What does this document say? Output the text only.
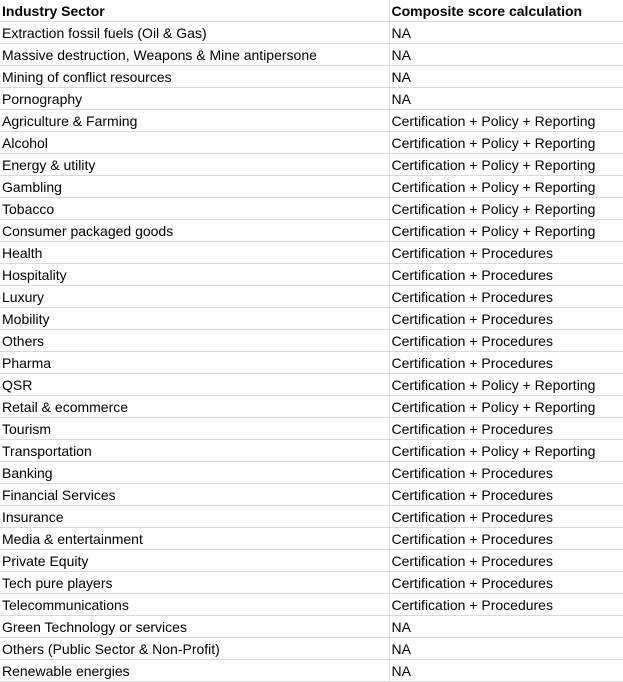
Industry Sector	Composite score calculation
Extraction fossil fuels (Oil & Gas)	NA
Massive destruction, Weapons & Mine antipersone	NA
Mining of conflict resources	NA
Pornography	NA
Agriculture & Farming	Certification + Policy + Reporting
Alcohol	Certification + Policy + Reporting
Energy & utility	Certification + Policy + Reporting
Gambling	Certification + Policy + Reporting
Tobacco	Certification + Policy + Reporting
Consumer packaged goods	Certification + Policy + Reporting
Health	Certification + Procedures
Hospitality	Certification + Procedures
Luxury	Certification + Procedures
Mobility	Certification + Procedures
Others	Certification + Procedures
Pharma	Certification + Procedures
QSR	Certification + Policy + Reporting
Retail & ecommerce	Certification + Policy + Reporting
Tourism	Certification + Procedures
Transportation	Certification + Policy + Reporting
Banking	Certification + Procedures
Financial Services	Certification + Procedures
Insurance	Certification + Procedures
Media & entertainment	Certification + Procedures
Private Equity	Certification + Procedures
Tech pure players	Certification + Procedures
Telecommunications	Certification + Procedures
Green Technology or services	NA
Others (Public Sector & Non-Profit)	NA
Renewable energies	NA
